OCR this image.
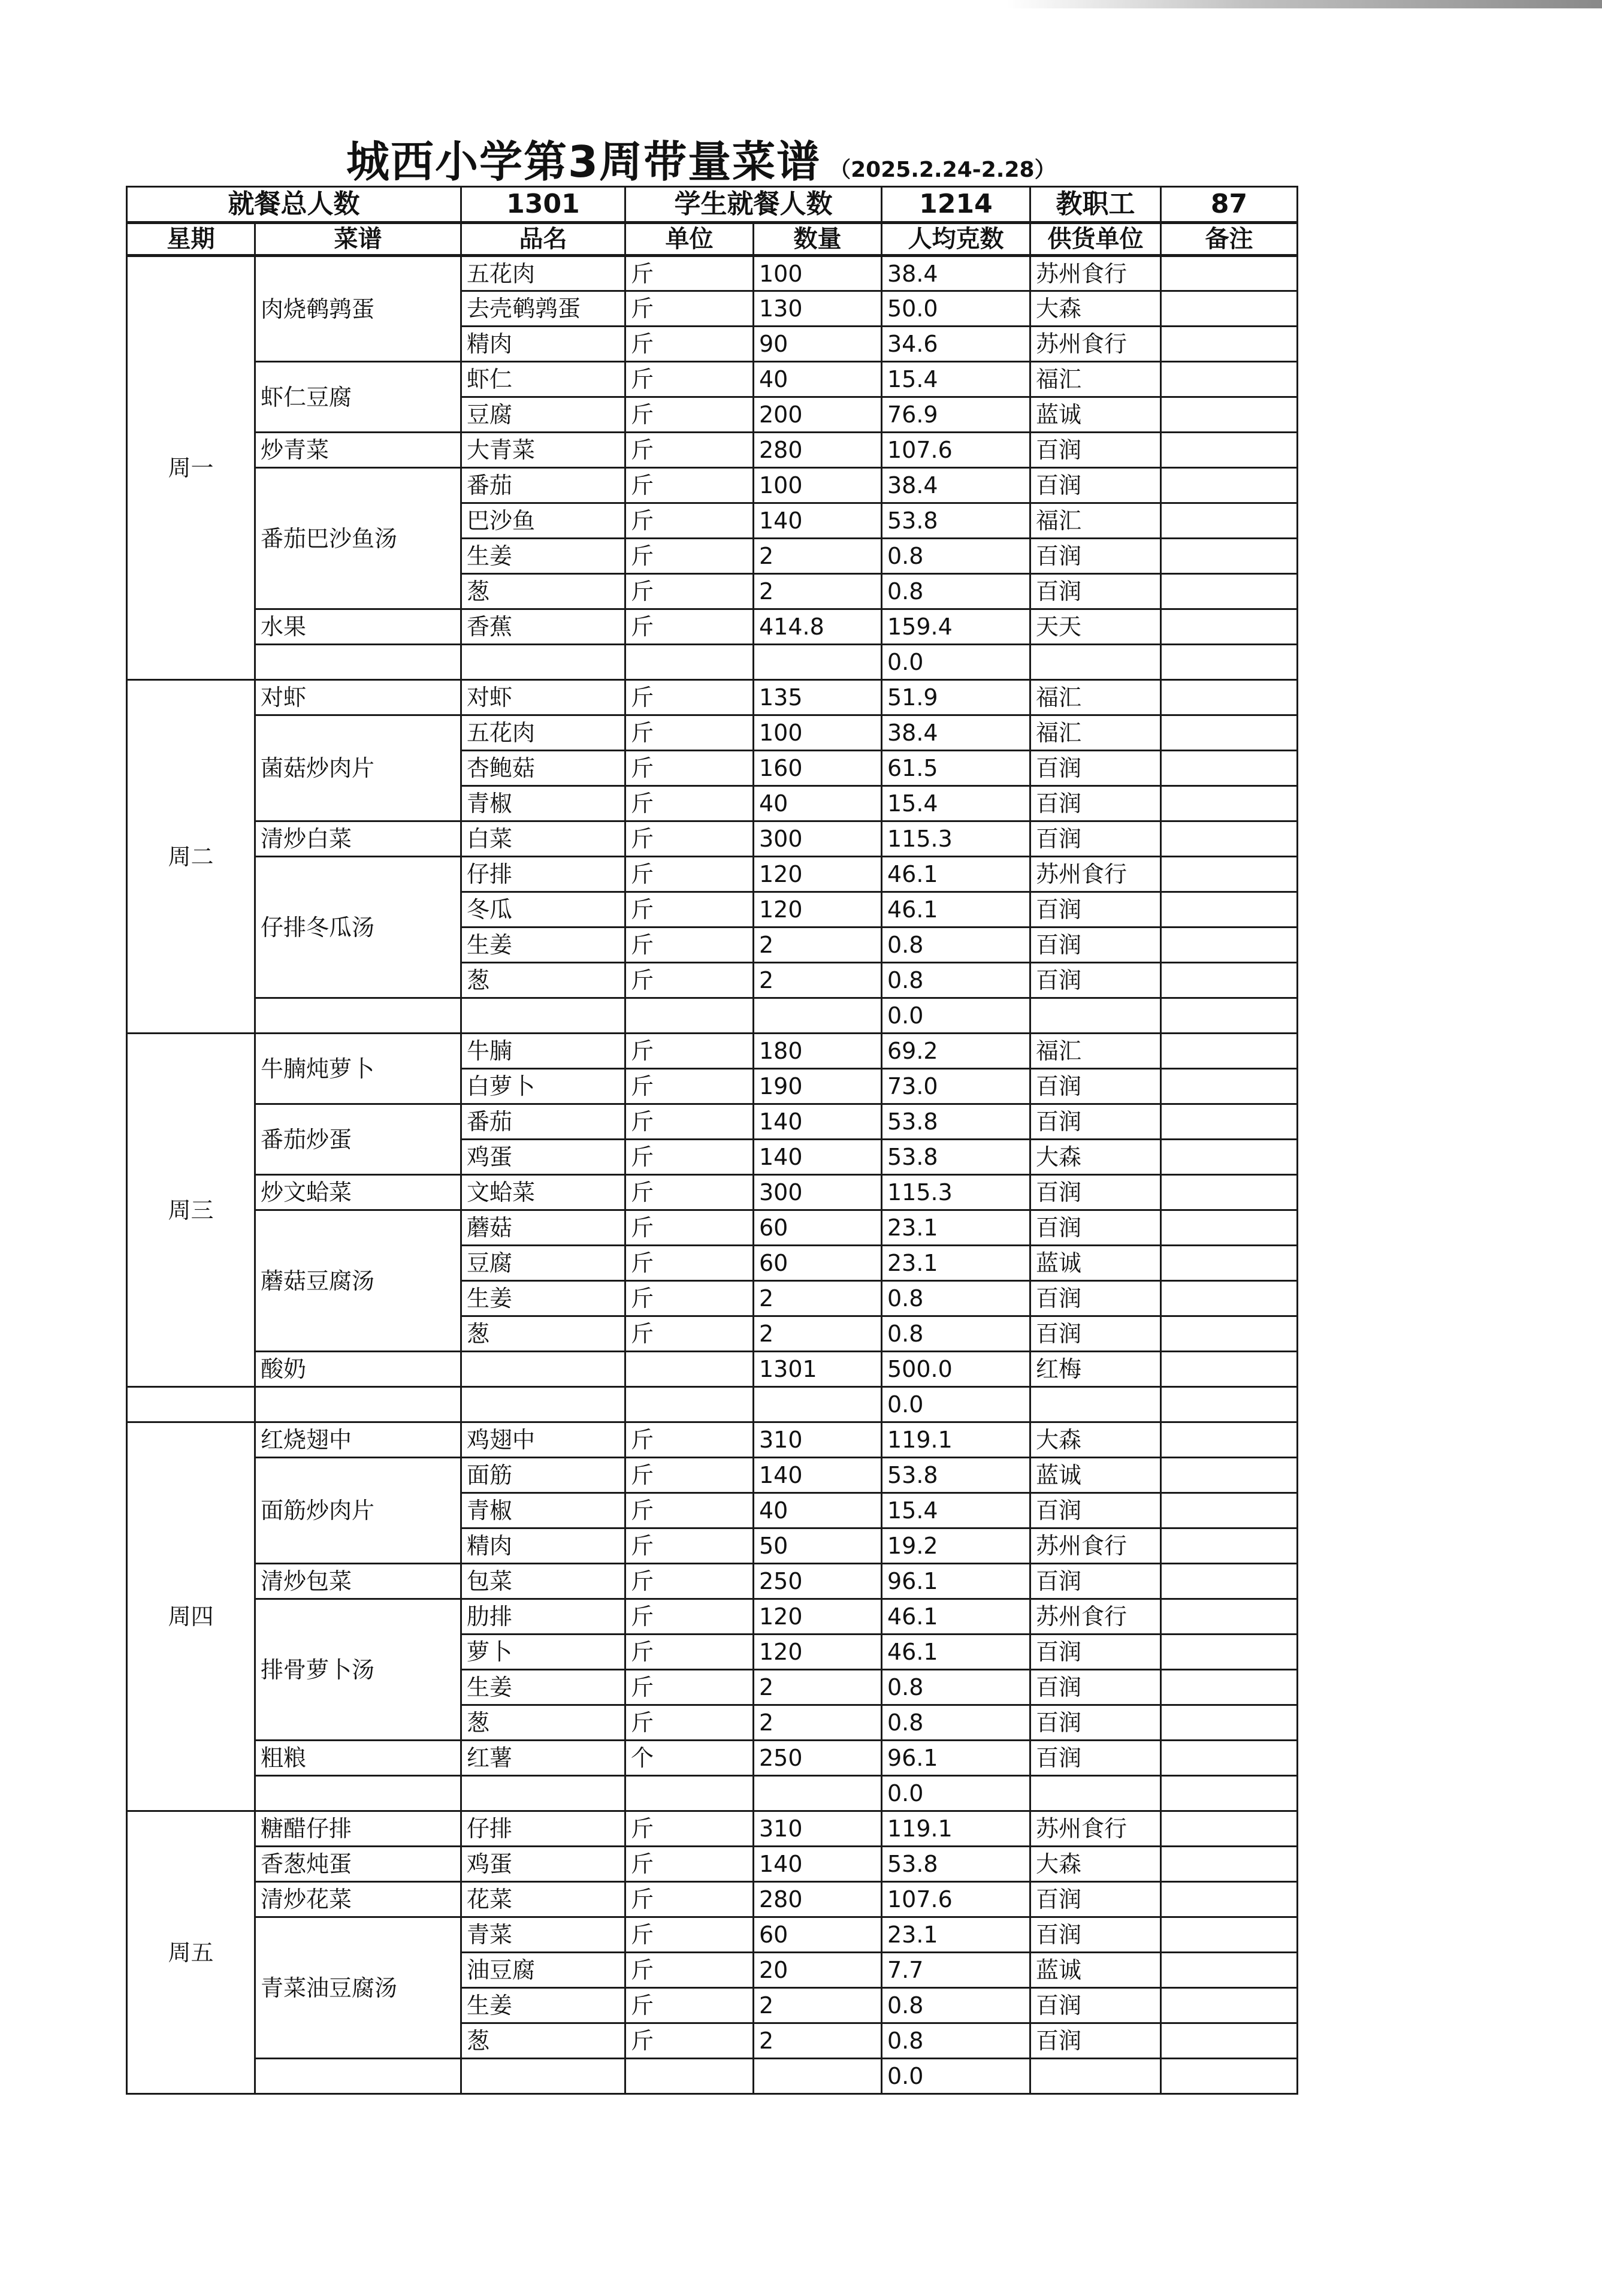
城西小学第3周带量菜谱 （2025.2.24-2.28）
就餐总人数		1301	学生就餐人数		1214	教职工	87
星期	菜谱	品名	单位	数量	人均克数	供货单位	备注
周一	肉烧鹌鹑蛋	五花肉	斤	100	38.4	苏州食行	
		去壳鹌鹑蛋	斤	130	50.0	大森	
		精肉	斤	90	34.6	苏州食行	
	虾仁豆腐	虾仁	斤	40	15.4	福汇	
		豆腐	斤	200	76.9	蓝诚	
	炒青菜	大青菜	斤	280	107.6	百润	
	番茄巴沙鱼汤	番茄	斤	100	38.4	百润	
		巴沙鱼	斤	140	53.8	福汇	
		生姜	斤	2	0.8	百润	
		葱	斤	2	0.8	百润	
	水果	香蕉	斤	414.8	159.4	天天	
					0.0		
周二	对虾	对虾	斤	135	51.9	福汇	
	菌菇炒肉片	五花肉	斤	100	38.4	福汇	
		杏鲍菇	斤	160	61.5	百润	
		青椒	斤	40	15.4	百润	
	清炒白菜	白菜	斤	300	115.3	百润	
	仔排冬瓜汤	仔排	斤	120	46.1	苏州食行	
		冬瓜	斤	120	46.1	百润	
		生姜	斤	2	0.8	百润	
		葱	斤	2	0.8	百润	
					0.0		
周三	牛腩炖萝卜	牛腩	斤	180	69.2	福汇	
		白萝卜	斤	190	73.0	百润	
	番茄炒蛋	番茄	斤	140	53.8	百润	
		鸡蛋	斤	140	53.8	大森	
	炒文蛤菜	文蛤菜	斤	300	115.3	百润	
	蘑菇豆腐汤	蘑菇	斤	60	23.1	百润	
		豆腐	斤	60	23.1	蓝诚	
		生姜	斤	2	0.8	百润	
		葱	斤	2	0.8	百润	
	酸奶			1301	500.0	红梅	
					0.0		
周四	红烧翅中	鸡翅中	斤	310	119.1	大森	
	面筋炒肉片	面筋	斤	140	53.8	蓝诚	
		青椒	斤	40	15.4	百润	
		精肉	斤	50	19.2	苏州食行	
	清炒包菜	包菜	斤	250	96.1	百润	
	排骨萝卜汤	肋排	斤	120	46.1	苏州食行	
		萝卜	斤	120	46.1	百润	
		生姜	斤	2	0.8	百润	
		葱	斤	2	0.8	百润	
	粗粮	红薯	个	250	96.1	百润	
					0.0		
周五	糖醋仔排	仔排	斤	310	119.1	苏州食行	
	香葱炖蛋	鸡蛋	斤	140	53.8	大森	
	清炒花菜	花菜	斤	280	107.6	百润	
	青菜油豆腐汤	青菜	斤	60	23.1	百润	
		油豆腐	斤	20	7.7	蓝诚	
		生姜	斤	2	0.8	百润	
		葱	斤	2	0.8	百润	
					0.0		
